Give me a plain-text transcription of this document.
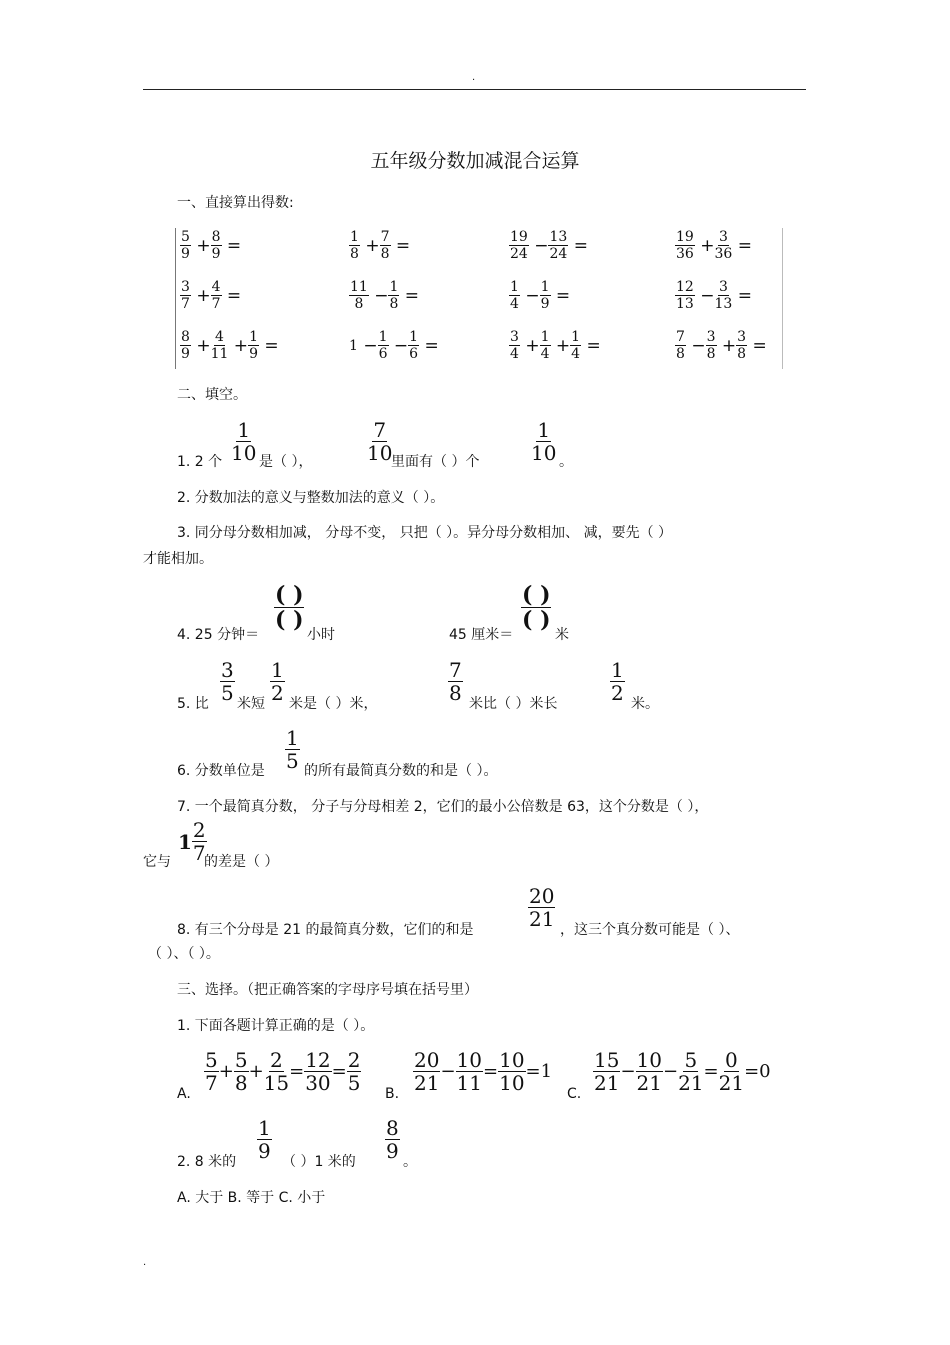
.
五年级分数加减混合运算
一、直接算出得数:
$\frac{5}{9} + \frac{8}{9}$ =	$\frac{1}{8} + \frac{7}{8}$ =	$\frac{19}{24} - \frac{13}{24}$ =	$\frac{19}{36} + \frac{3}{36}$ =
$\frac{3}{7} + \frac{4}{7}$ =	$\frac{11}{8} - \frac{1}{8}$ =	$\frac{1}{4} - \frac{1}{9}$ =	$\frac{12}{13} - \frac{3}{13}$ =
$\frac{8}{9} + \frac{4}{11} + \frac{1}{9}$ =	$1 - \frac{1}{6} - \frac{1}{6}$ =	$\frac{3}{4} + \frac{1}{4} + \frac{1}{4}$ =	$\frac{7}{8} - \frac{3}{8} + \frac{3}{8}$ =
二、填空。
1. 2 个 $\frac{1}{10}$ 是（ ），	$\frac{7}{10}$
里面有（ ）个	$\frac{1}{10}$ 。
2. 分数加法的意义与整数加法的意义（ ）。
3. 同分母分数相加减， 分母不变， 只把（ ）。异分母分数相加、 减，要先（ ）
才能相加。
4. 25 分钟＝
( )
( )
小时	45 厘米＝
( )
( )
米
5. 比
$\frac{3}{5}$
米短
$\frac{1}{2}$
米是（ ）米，
$\frac{7}{8}$
米比（ ）米长
$\frac{1}{2}$
米。
6. 分数单位是 $\frac{1}{5}$ 的所有最简真分数的和是（ ）。
7. 一个最简真分数， 分子与分母相差 2，它们的最小公倍数是 63，这个分数是（ ），
它与
$1 \frac{2}{7}$
的差是（ ）
8. 有三个分母是 21 的最简真分数，它们的和是
$\frac{20}{21}$
，这三个真分数可能是（ ）、
（ ）、（ ）。
三、选择。（把正确答案的字母序号填在括号里）
1. 下面各题计算正确的是（ ）。
A.
$\frac{5}{7} + \frac{5}{8} + \frac{2}{15} = \frac{12}{30} = \frac{2}{5}$
B.
$\frac{20}{21} - \frac{10}{11} = \frac{10}{10} =1$
C.
$\frac{15}{21} - \frac{10}{21} - \frac{5}{21} = \frac{0}{21} =0$
2. 8 米的
$\frac{1}{9}$
（ ）1 米的
$\frac{8}{9}$
。
A. 大于 B. 等于 C. 小于
.
